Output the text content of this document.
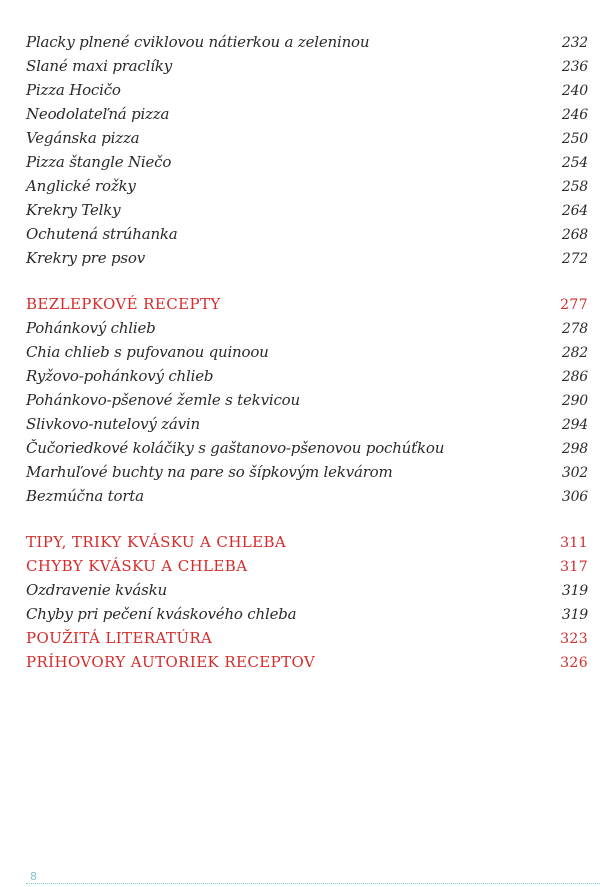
Placky plnené cviklovou nátierkou a zeleninou	232
Slané maxi praclíky	236
Pizza Hocičo	240
Neodolateľná pizza	246
Vegánska pizza	250
Pizza štangle Niečo	254
Anglické rožky	258
Krekry Telky	264
Ochutená strúhanka	268
Krekry pre psov	272
BEZLEPKOVÉ RECEPTY	277
Pohánkový chlieb	278
Chia chlieb s pufovanou quinoou	282
Ryžovo-pohánkový chlieb	286
Pohánkovo-pšenové žemle s tekvicou	290
Slivkovo-nutelový závin	294
Čučoriedkové koláčiky s gaštanovo-pšenovou pochúťkou	298
Marhuľové buchty na pare so šípkovým lekvárom	302
Bezmúčna torta	306
TIPY, TRIKY KVÁSKU A CHLEBA	311
CHYBY KVÁSKU A CHLEBA	317
Ozdravenie kvásku	319
Chyby pri pečení kváskového chleba	319
POUŽITÁ LITERATÚRA	323
PRÍHOVORY AUTORIEK RECEPTOV	326
8
